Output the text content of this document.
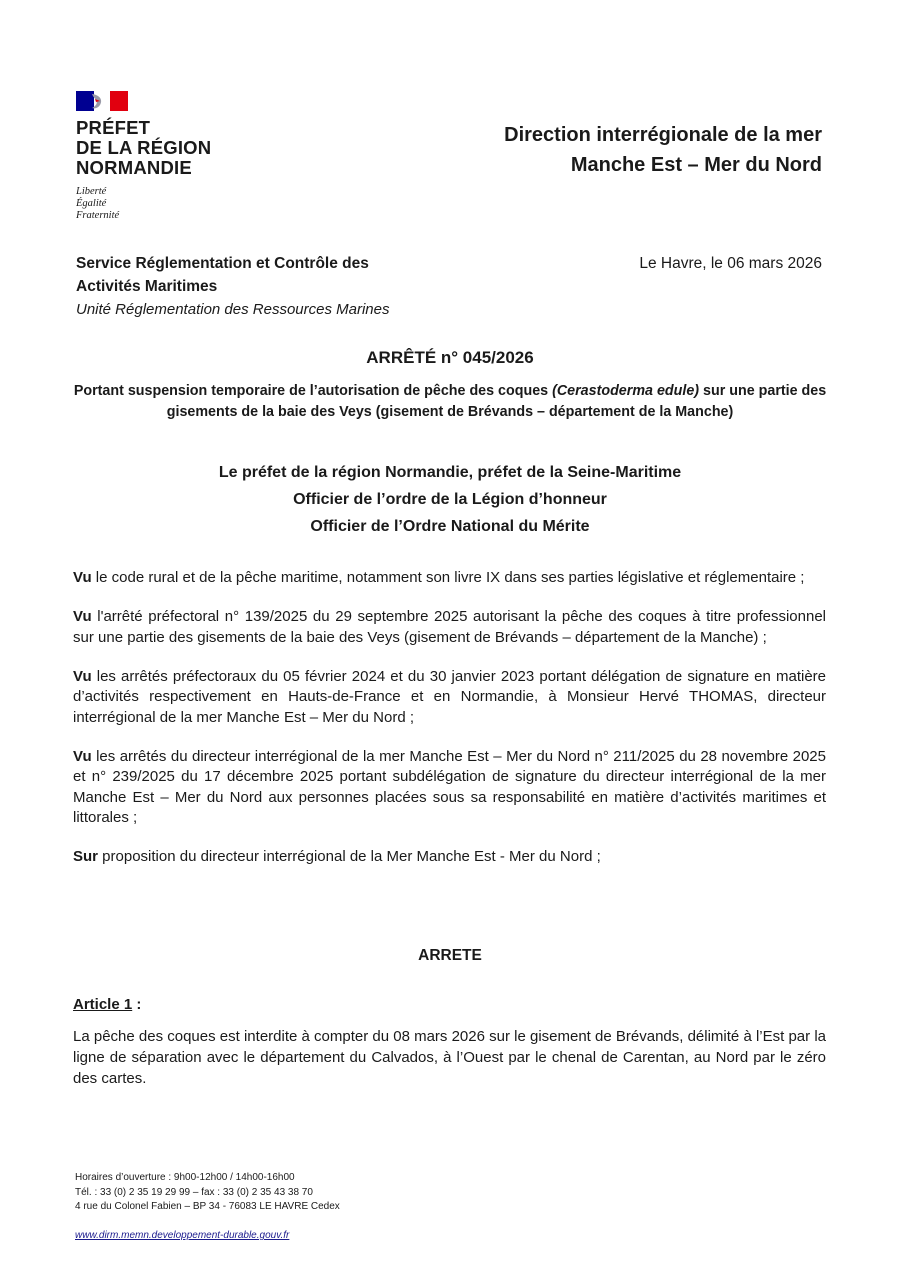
PRÉFET
DE LA RÉGION
NORMANDIE
Liberté
Égalité
Fraternité
Direction interrégionale de la mer
Manche Est – Mer du Nord
Service Réglementation et Contrôle des
Activités Maritimes
Unité Réglementation des Ressources Marines
Le Havre, le 06 mars 2026
ARRÊTÉ n° 045/2026
Portant suspension temporaire de l’autorisation de pêche des coques (Cerastoderma edule) sur une partie des gisements de la baie des Veys (gisement de Brévands – département de la Manche)
Le préfet de la région Normandie, préfet de la Seine-Maritime
Officier de l’ordre de la Légion d’honneur
Officier de l’Ordre National du Mérite

Vu le code rural et de la pêche maritime, notamment son livre IX dans ses parties législative et réglementaire ;

Vu l'arrêté préfectoral n° 139/2025 du 29 septembre 2025 autorisant la pêche des coques à titre professionnel sur une partie des gisements de la baie des Veys (gisement de Brévands – département de la Manche) ;

Vu les arrêtés préfectoraux du 05 février 2024 et du 30 janvier 2023 portant délégation de signature en matière d’activités respectivement en Hauts-de-France et en Normandie, à Monsieur Hervé THOMAS, directeur interrégional de la mer Manche Est – Mer du Nord ;

Vu les arrêtés du directeur interrégional de la mer Manche Est – Mer du Nord n° 211/2025 du 28 novembre 2025 et n° 239/2025 du 17 décembre 2025 portant subdélégation de signature du directeur interrégional de la mer Manche Est – Mer du Nord aux personnes placées sous sa responsabilité en matière d’activités maritimes et littorales ;

Sur proposition du directeur interrégional de la Mer Manche Est - Mer du Nord ;

ARRETE
Article 1 :
La pêche des coques est interdite à compter du 08 mars 2026 sur le gisement de Brévands, délimité à l’Est par la ligne de séparation avec le département du Calvados, à l’Ouest par le chenal de Carentan, au Nord par le zéro des cartes.
Horaires d’ouverture : 9h00-12h00 / 14h00-16h00
Tél. : 33 (0) 2 35 19 29 99 – fax : 33 (0) 2 35 43 38 70
4 rue du Colonel Fabien – BP 34 - 76083 LE HAVRE Cedex
www.dirm.memn.developpement-durable.gouv.fr
